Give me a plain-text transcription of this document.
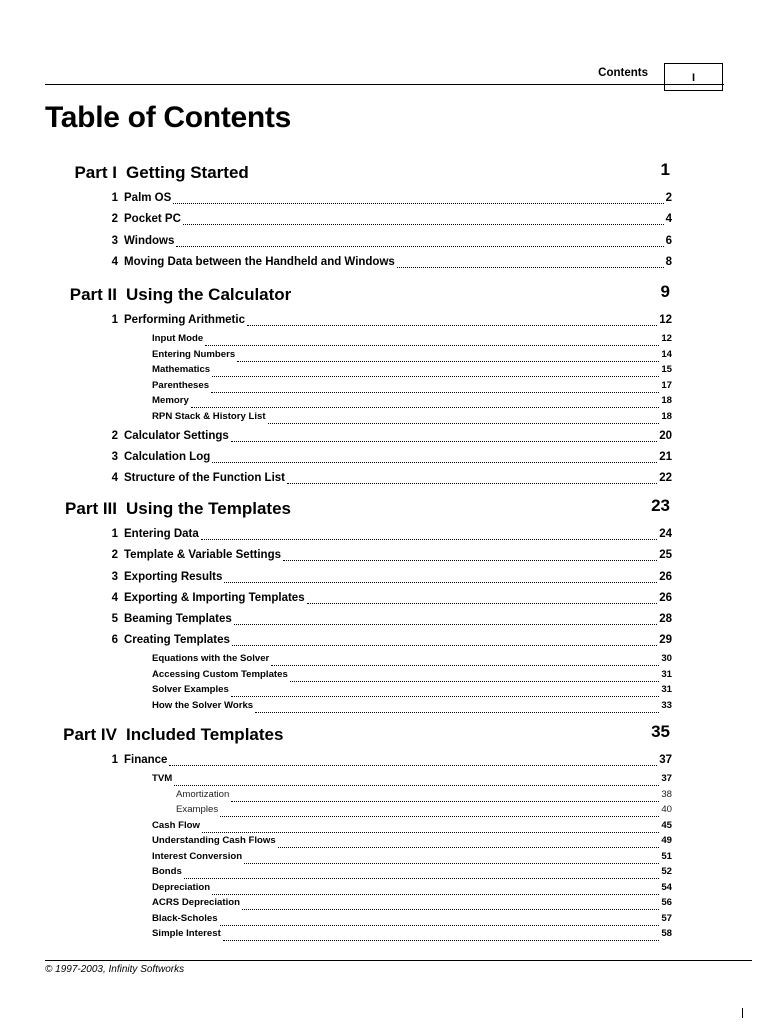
Contents	I
Table of Contents
Part I Getting Started	1
1 Palm OS	2
2 Pocket PC	4
3 Windows	6
4 Moving Data between the Handheld and Windows	8
Part II Using the Calculator	9
1 Performing Arithmetic	12
Input Mode	12
Entering Numbers	14
Mathematics	15
Parentheses	17
Memory	18
RPN Stack & History List	18
2 Calculator Settings	20
3 Calculation Log	21
4 Structure of the Function List	22
Part III Using the Templates	23
1 Entering Data	24
2 Template & Variable Settings	25
3 Exporting Results	26
4 Exporting & Importing Templates	26
5 Beaming Templates	28
6 Creating Templates	29
Equations with the Solver	30
Accessing Custom Templates	31
Solver Examples	31
How the Solver Works	33
Part IV Included Templates	35
1 Finance	37
TVM	37
Amortization	38
Examples	40
Cash Flow	45
Understanding Cash Flows	49
Interest Conversion	51
Bonds	52
Depreciation	54
ACRS Depreciation	56
Black-Scholes	57
Simple Interest	58
© 1997-2003, Infinity Softworks
